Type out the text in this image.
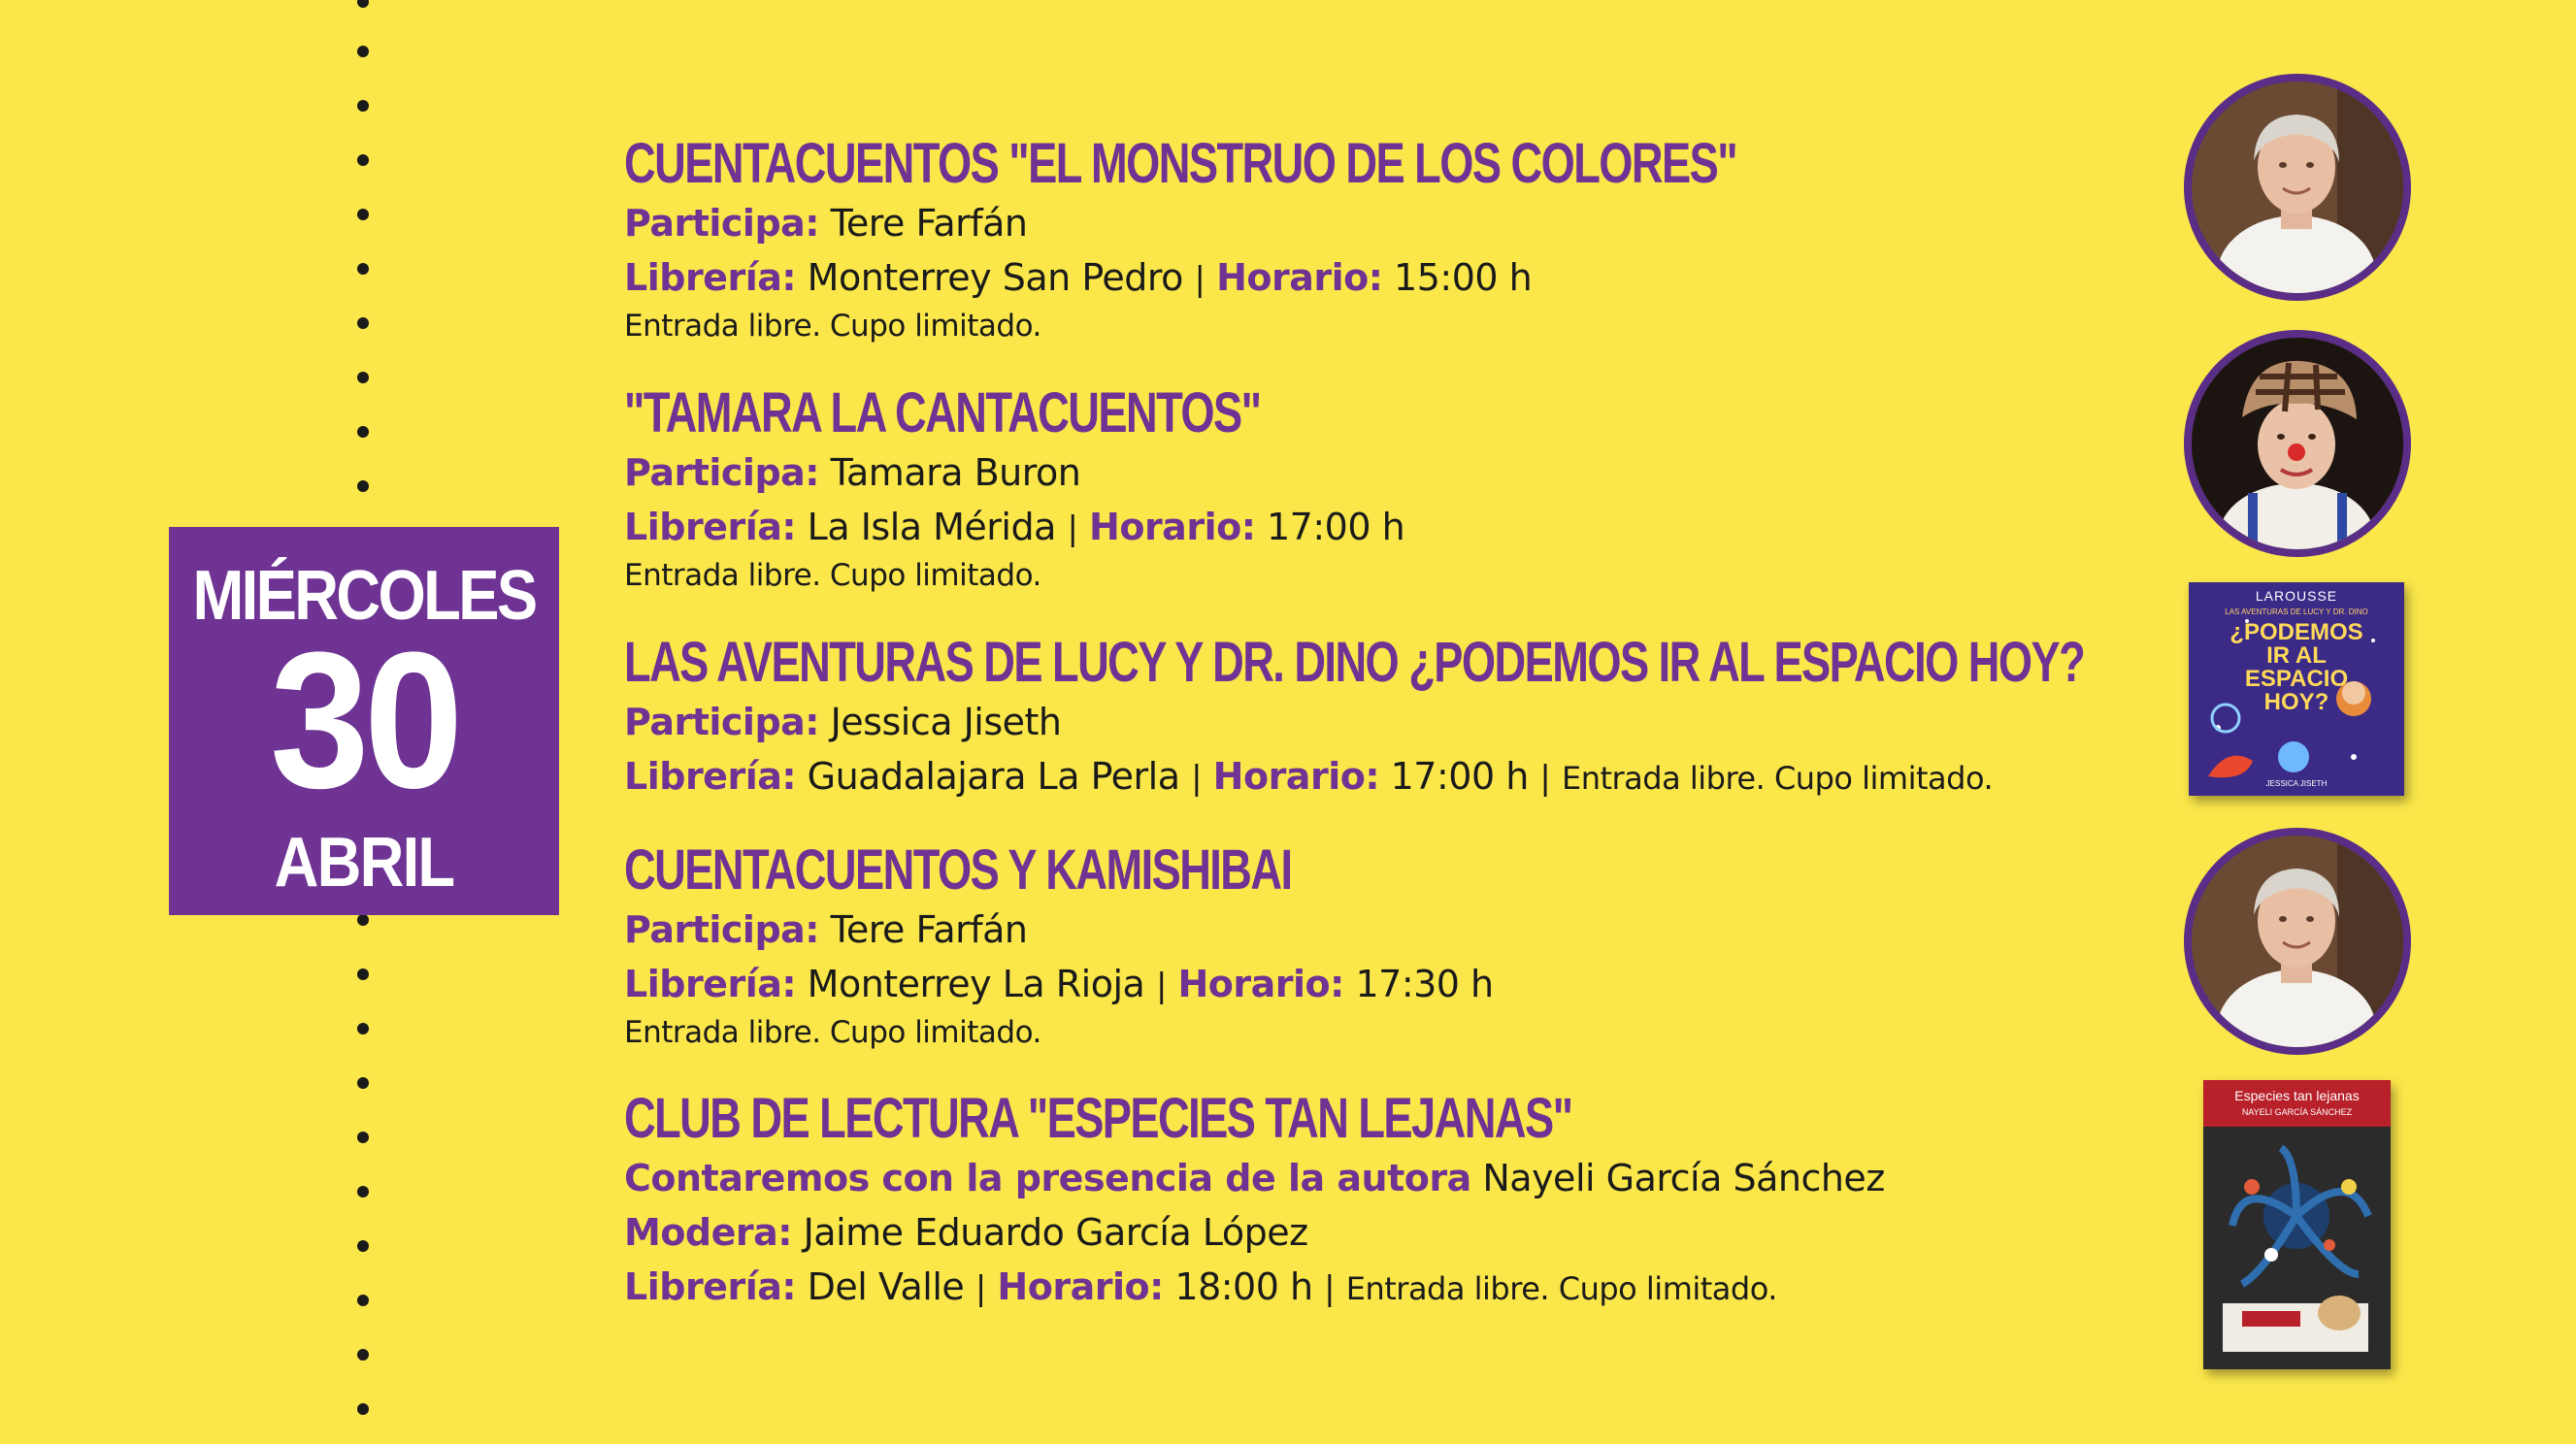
MIÉRCOLES
30
ABRIL
CUENTACUENTOS "EL MONSTRUO DE LOS COLORES"
Participa: Tere Farfán
Librería: Monterrey San Pedro | Horario: 15:00 h
Entrada libre. Cupo limitado.
"TAMARA LA CANTACUENTOS"
Participa: Tamara Buron
Librería: La Isla Mérida | Horario: 17:00 h
Entrada libre. Cupo limitado.
LAS AVENTURAS DE LUCY Y DR. DINO ¿PODEMOS IR AL ESPACIO HOY?
Participa: Jessica Jiseth
Librería: Guadalajara La Perla | Horario: 17:00 h | Entrada libre. Cupo limitado.
CUENTACUENTOS Y KAMISHIBAI
Participa: Tere Farfán
Librería: Monterrey La Rioja | Horario: 17:30 h
Entrada libre. Cupo limitado.
CLUB DE LECTURA "ESPECIES TAN LEJANAS"
Contaremos con la presencia de la autora Nayeli García Sánchez
Modera: Jaime Eduardo García López
Librería: Del Valle | Horario: 18:00 h | Entrada libre. Cupo limitado.
LAROUSSE
LAS AVENTURAS DE LUCY Y DR. DINO
¿PODEMOS
IR AL
ESPACIO
HOY?
JESSICA JISETH
Especies tan lejanas
NAYELI GARCÍA SÁNCHEZ
